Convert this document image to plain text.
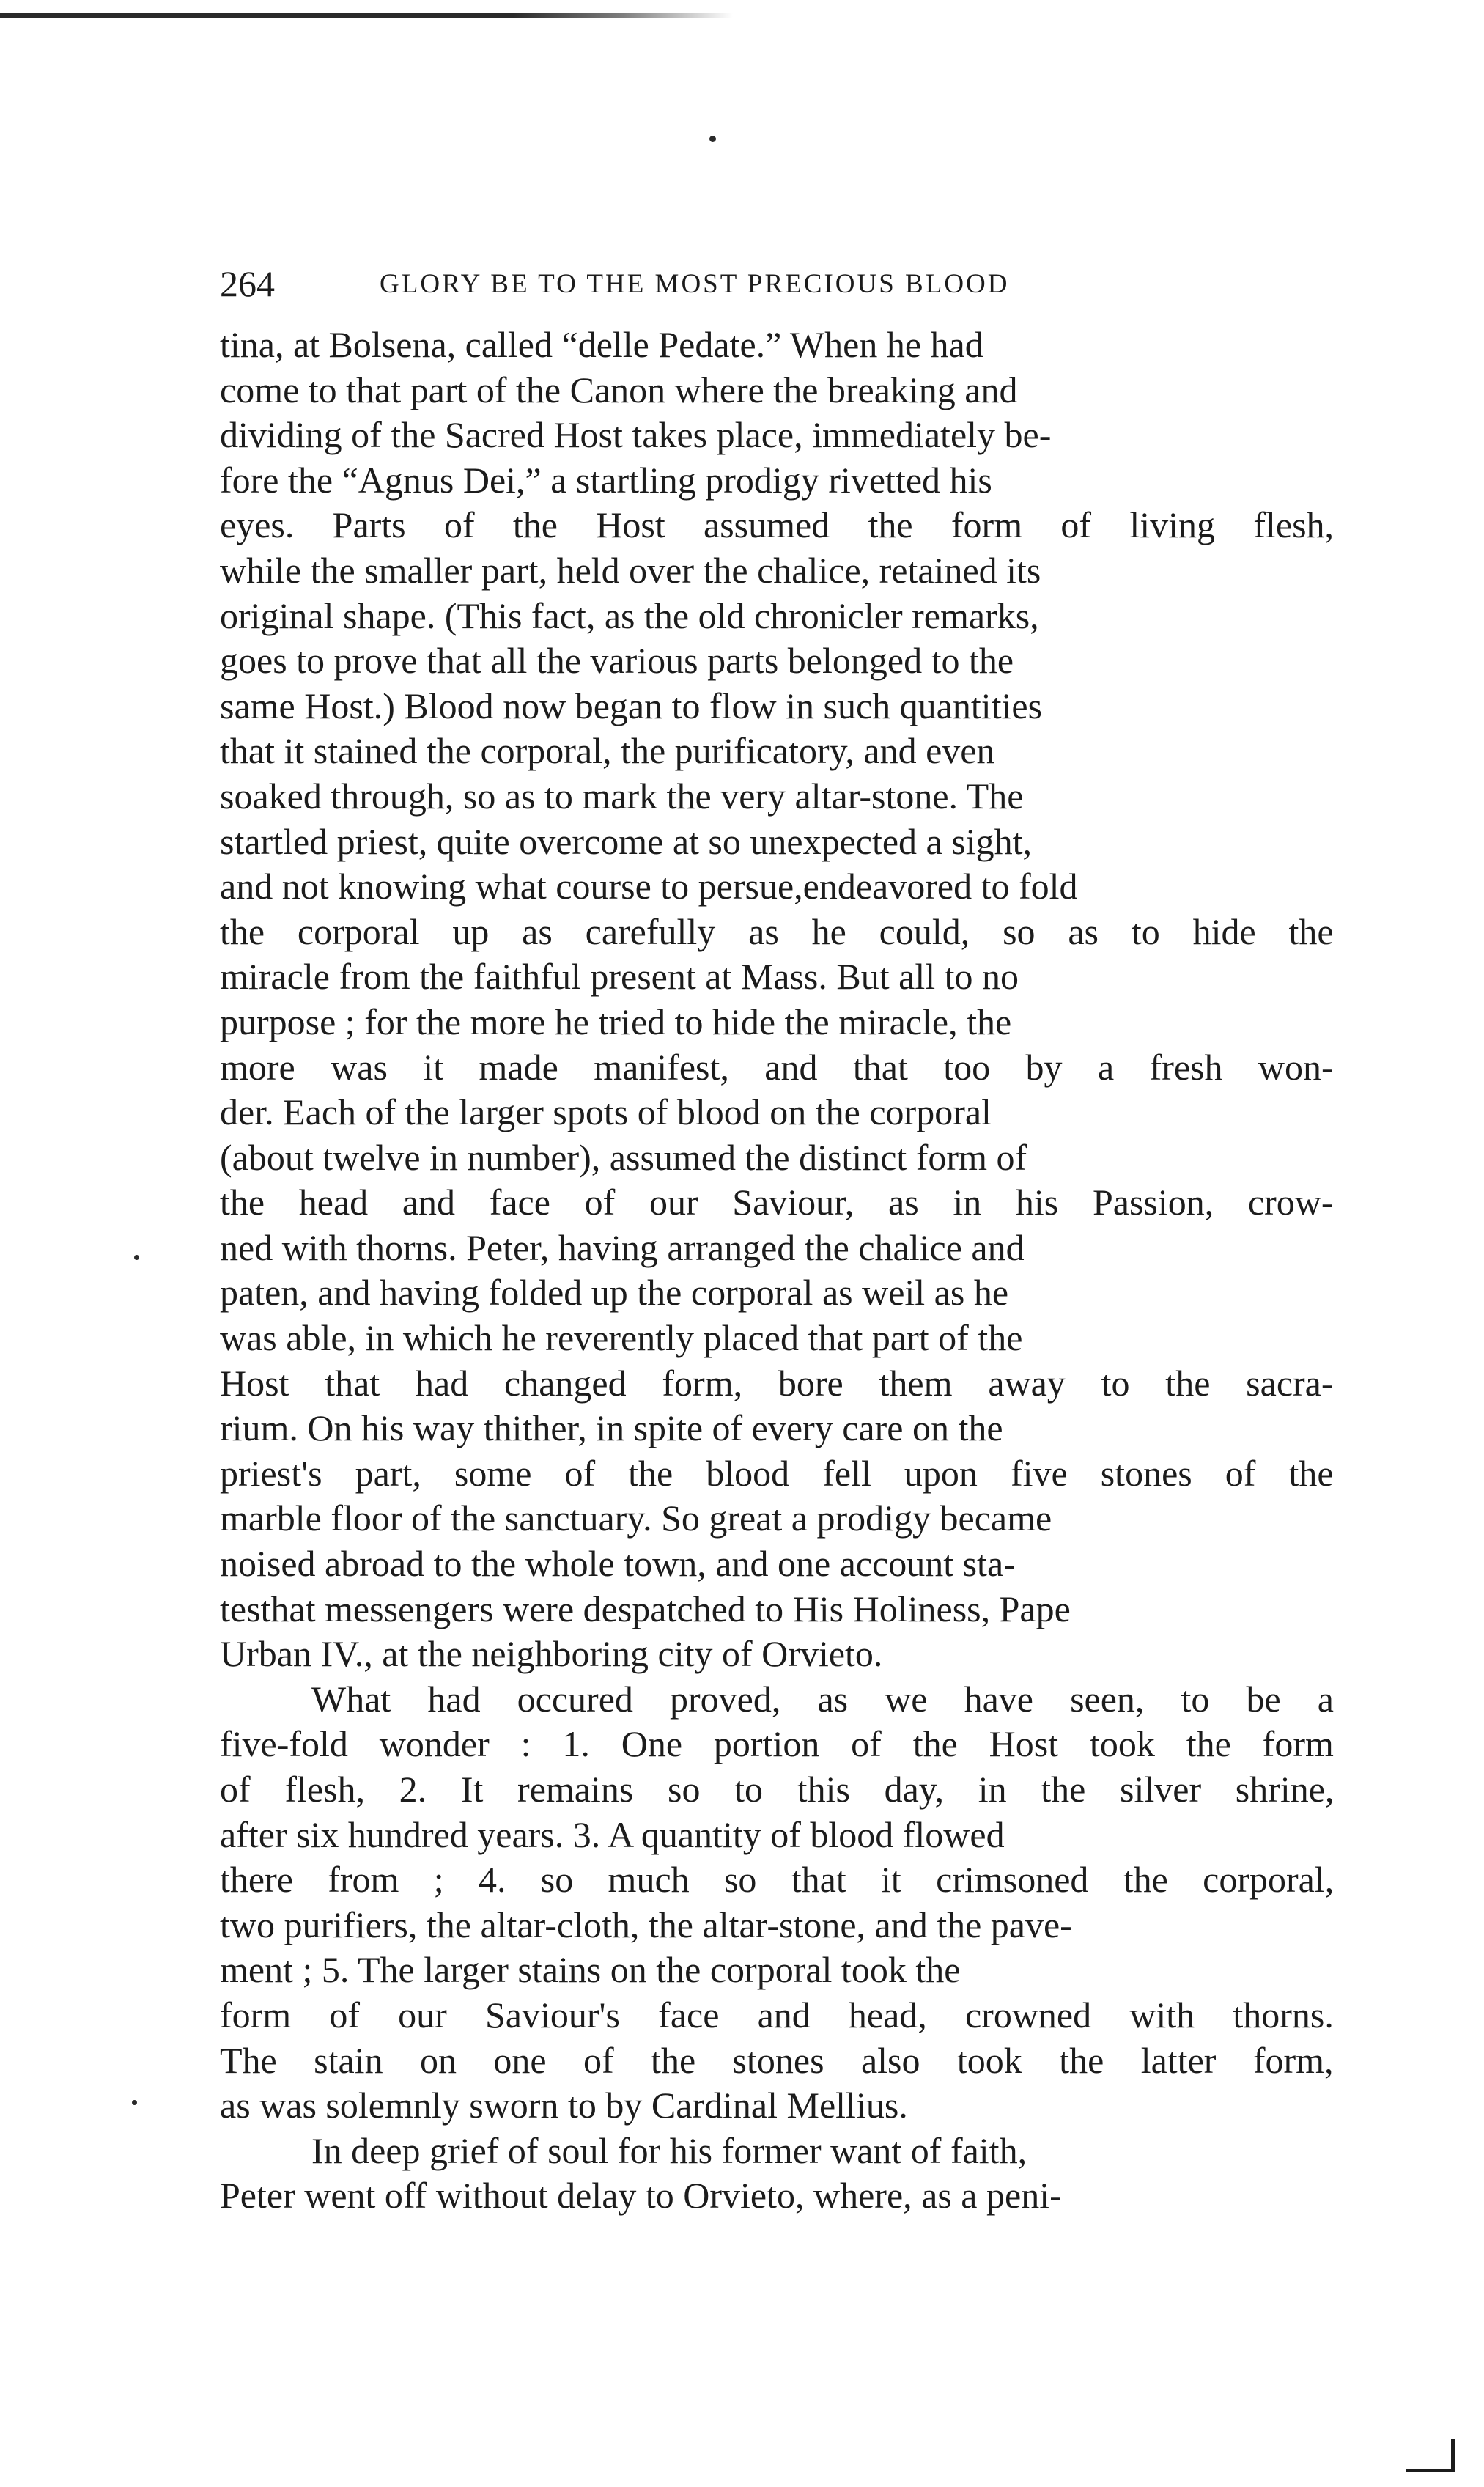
264	GLORY BE TO THE MOST PRECIOUS BLOOD
tina, at Bolsena, called “delle Pedate.” When he had
come to that part of the Canon where the breaking and
dividing of the Sacred Host takes place, immediately be-
fore the “Agnus Dei,” a startling prodigy rivetted his
eyes. Parts of the Host assumed the form of living flesh,
while the smaller part, held over the chalice, retained its
original shape. (This fact, as the old chronicler remarks,
goes to prove that all the various parts belonged to the
same Host.) Blood now began to flow in such quantities
that it stained the corporal, the purificatory, and even
soaked through, so as to mark the very altar-stone. The
startled priest, quite overcome at so unexpected a sight,
and not knowing what course to persue,endeavored to fold
the corporal up as carefully as he could, so as to hide the
miracle from the faithful present at Mass. But all to no
purpose ; for the more he tried to hide the miracle, the
more was it made manifest, and that too by a fresh won-
der. Each of the larger spots of blood on the corporal
(about twelve in number), assumed the distinct form of
the head and face of our Saviour, as in his Passion, crow-
ned with thorns. Peter, having arranged the chalice and
paten, and having folded up the corporal as weil as he
was able, in which he reverently placed that part of the
Host that had changed form, bore them away to the sacra-
rium. On his way thither, in spite of every care on the
priest's part, some of the blood fell upon five stones of the
marble floor of the sanctuary. So great a prodigy became
noised abroad to the whole town, and one account sta-
testhat messengers were despatched to His Holiness, Pape
Urban IV., at the neighboring city of Orvieto.
What had occured proved, as we have seen, to be a
five-fold wonder : 1. One portion of the Host took the form
of flesh, 2. It remains so to this day, in the silver shrine,
after six hundred years. 3. A quantity of blood flowed
there from ; 4. so much so that it crimsoned the corporal,
two purifiers, the altar-cloth, the altar-stone, and the pave-
ment ; 5. The larger stains on the corporal took the
form of our Saviour's face and head, crowned with thorns.
The stain on one of the stones also took the latter form,
as was solemnly sworn to by Cardinal Mellius.
In deep grief of soul for his former want of faith,
Peter went off without delay to Orvieto, where, as a peni-
